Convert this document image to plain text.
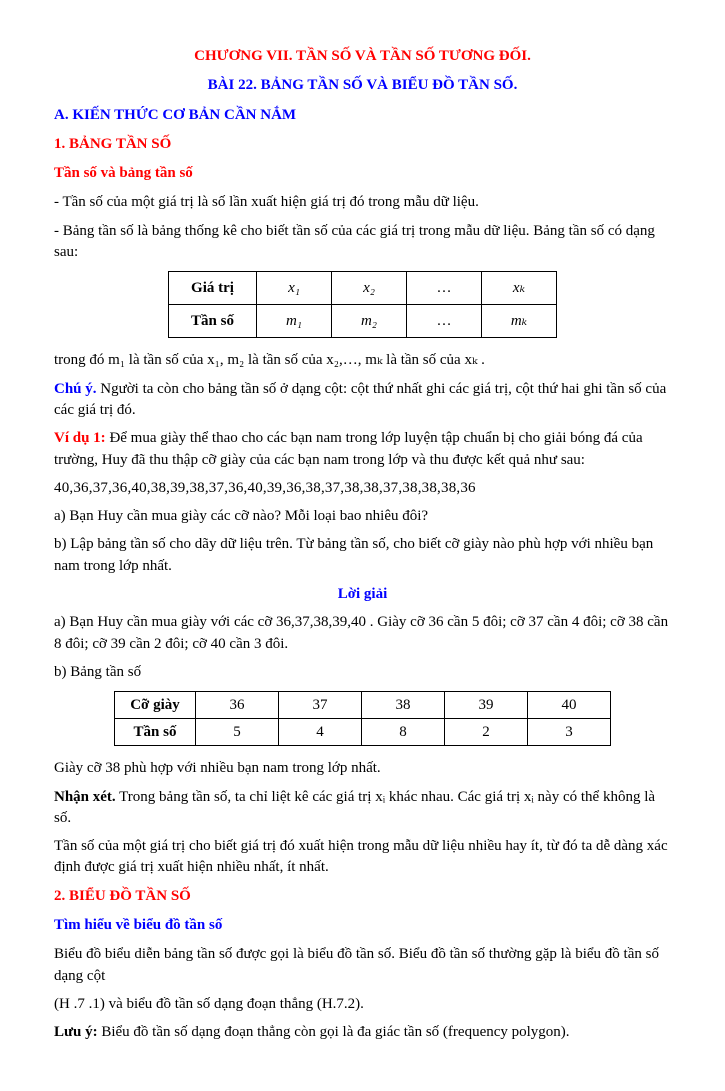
CHƯƠNG VII. TẦN SỐ VÀ TẦN SỐ TƯƠNG ĐỐI.
BÀI 22. BẢNG TẦN SỐ VÀ BIỂU ĐỒ TẦN SỐ.
A. KIẾN THỨC CƠ BẢN CẦN NẮM
1. BẢNG TẦN SỐ
Tần số và bảng tần số

- Tần số của một giá trị là số lần xuất hiện giá trị đó trong mẫu dữ liệu.

- Bảng tần số là bảng thống kê cho biết tần số của các giá trị trong mẫu dữ liệu. Bảng tần số có dạng sau:

Giá trị	x₁	x₂	…	xₖ
Tần số	m₁	m₂	…	mₖ

trong đó m₁ là tần số của x₁, m₂ là tần số của x₂,…, mₖ là tần số của xₖ .

Chú ý. Người ta còn cho bảng tần số ở dạng cột: cột thứ nhất ghi các giá trị, cột thứ hai ghi tần số của các giá trị đó.

Ví dụ 1: Để mua giày thể thao cho các bạn nam trong lớp luyện tập chuẩn bị cho giải bóng đá của trường, Huy đã thu thập cỡ giày của các bạn nam trong lớp và thu được kết quả như sau:

40,36,37,36,40,38,39,38,37,36,40,39,36,38,37,38,38,37,38,38,38,36

a) Bạn Huy cần mua giày các cỡ nào? Mỗi loại bao nhiêu đôi?

b) Lập bảng tần số cho dãy dữ liệu trên. Từ bảng tần số, cho biết cỡ giày nào phù hợp với nhiều bạn nam trong lớp nhất.

Lời giải

a) Bạn Huy cần mua giày với các cỡ 36,37,38,39,40 . Giày cỡ 36 cần 5 đôi; cỡ 37 cần 4 đôi; cỡ 38 cần 8 đôi; cỡ 39 cần 2 đôi; cỡ 40 cần 3 đôi.

b) Bảng tần số

Cỡ giày	36	37	38	39	40
Tần số	5	4	8	2	3

Giày cỡ 38 phù hợp với nhiều bạn nam trong lớp nhất.

Nhận xét. Trong bảng tần số, ta chỉ liệt kê các giá trị xᵢ khác nhau. Các giá trị xᵢ này có thể không là số.

Tần số của một giá trị cho biết giá trị đó xuất hiện trong mẫu dữ liệu nhiều hay ít, từ đó ta dễ dàng xác định được giá trị xuất hiện nhiều nhất, ít nhất.

2. BIỂU ĐỒ TẦN SỐ
Tìm hiểu về biểu đồ tần số

Biểu đồ biểu diễn bảng tần số được gọi là biểu đồ tần số. Biểu đồ tần số thường gặp là biểu đồ tần số dạng cột

(H .7 .1) và biểu đồ tần số dạng đoạn thẳng (H.7.2).

Lưu ý: Biểu đồ tần số dạng đoạn thẳng còn gọi là đa giác tần số (frequency polygon).
